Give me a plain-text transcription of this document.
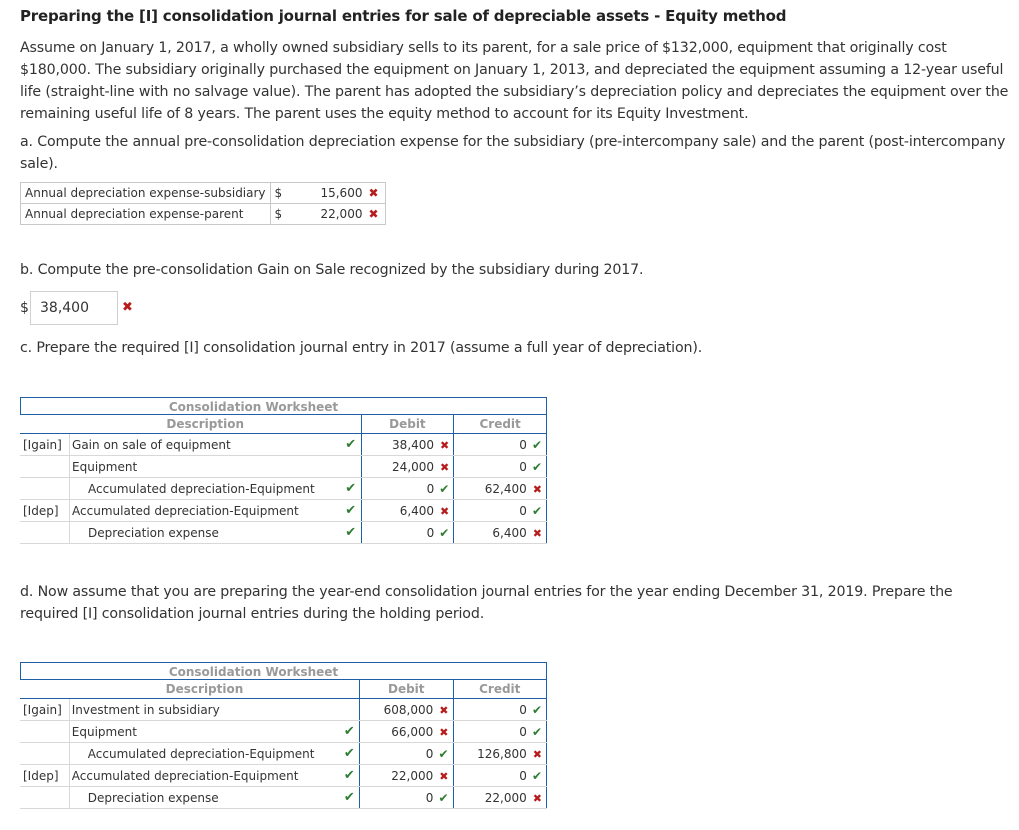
Preparing the [I] consolidation journal entries for sale of depreciable assets - Equity method
Assume on January 1, 2017, a wholly owned subsidiary sells to its parent, for a sale price of $132,000, equipment that originally cost $180,000. The subsidiary originally purchased the equipment on January 1, 2013, and depreciated the equipment assuming a 12-year useful life (straight-line with no salvage value). The parent has adopted the subsidiary’s depreciation policy and depreciates the equipment over the remaining useful life of 8 years. The parent uses the equity method to account for its Equity Investment.
a. Compute the annual pre-consolidation depreciation expense for the subsidiary (pre-intercompany sale) and the parent (post-intercompany sale).
Annual depreciation expense-subsidiary	$	15,600 ✖
Annual depreciation expense-parent	$	22,000 ✖
b. Compute the pre-consolidation Gain on Sale recognized by the subsidiary during 2017.
$ 38,400	✖
c. Prepare the required [I] consolidation journal entry in 2017 (assume a full year of depreciation).
Consolidation Worksheet
	Description		Debit	Credit
[Igain]	Gain on sale of equipment	✔	38,400 ✖	0 ✔
	Equipment		24,000 ✖	0 ✔
	Accumulated depreciation-Equipment	✔	0 ✔	62,400 ✖
[Idep]	Accumulated depreciation-Equipment	✔	6,400 ✖	0 ✔
	Depreciation expense	✔	0 ✔	6,400 ✖
d. Now assume that you are preparing the year-end consolidation journal entries for the year ending December 31, 2019. Prepare the required [I] consolidation journal entries during the holding period.
Consolidation Worksheet
	Description		Debit	Credit
[Igain]	Investment in subsidiary		608,000 ✖	0 ✔
	Equipment	✔	66,000 ✖	0 ✔
	Accumulated depreciation-Equipment	✔	0 ✔	126,800 ✖
[Idep]	Accumulated depreciation-Equipment	✔	22,000 ✖	0 ✔
	Depreciation expense	✔	0 ✔	22,000 ✖
